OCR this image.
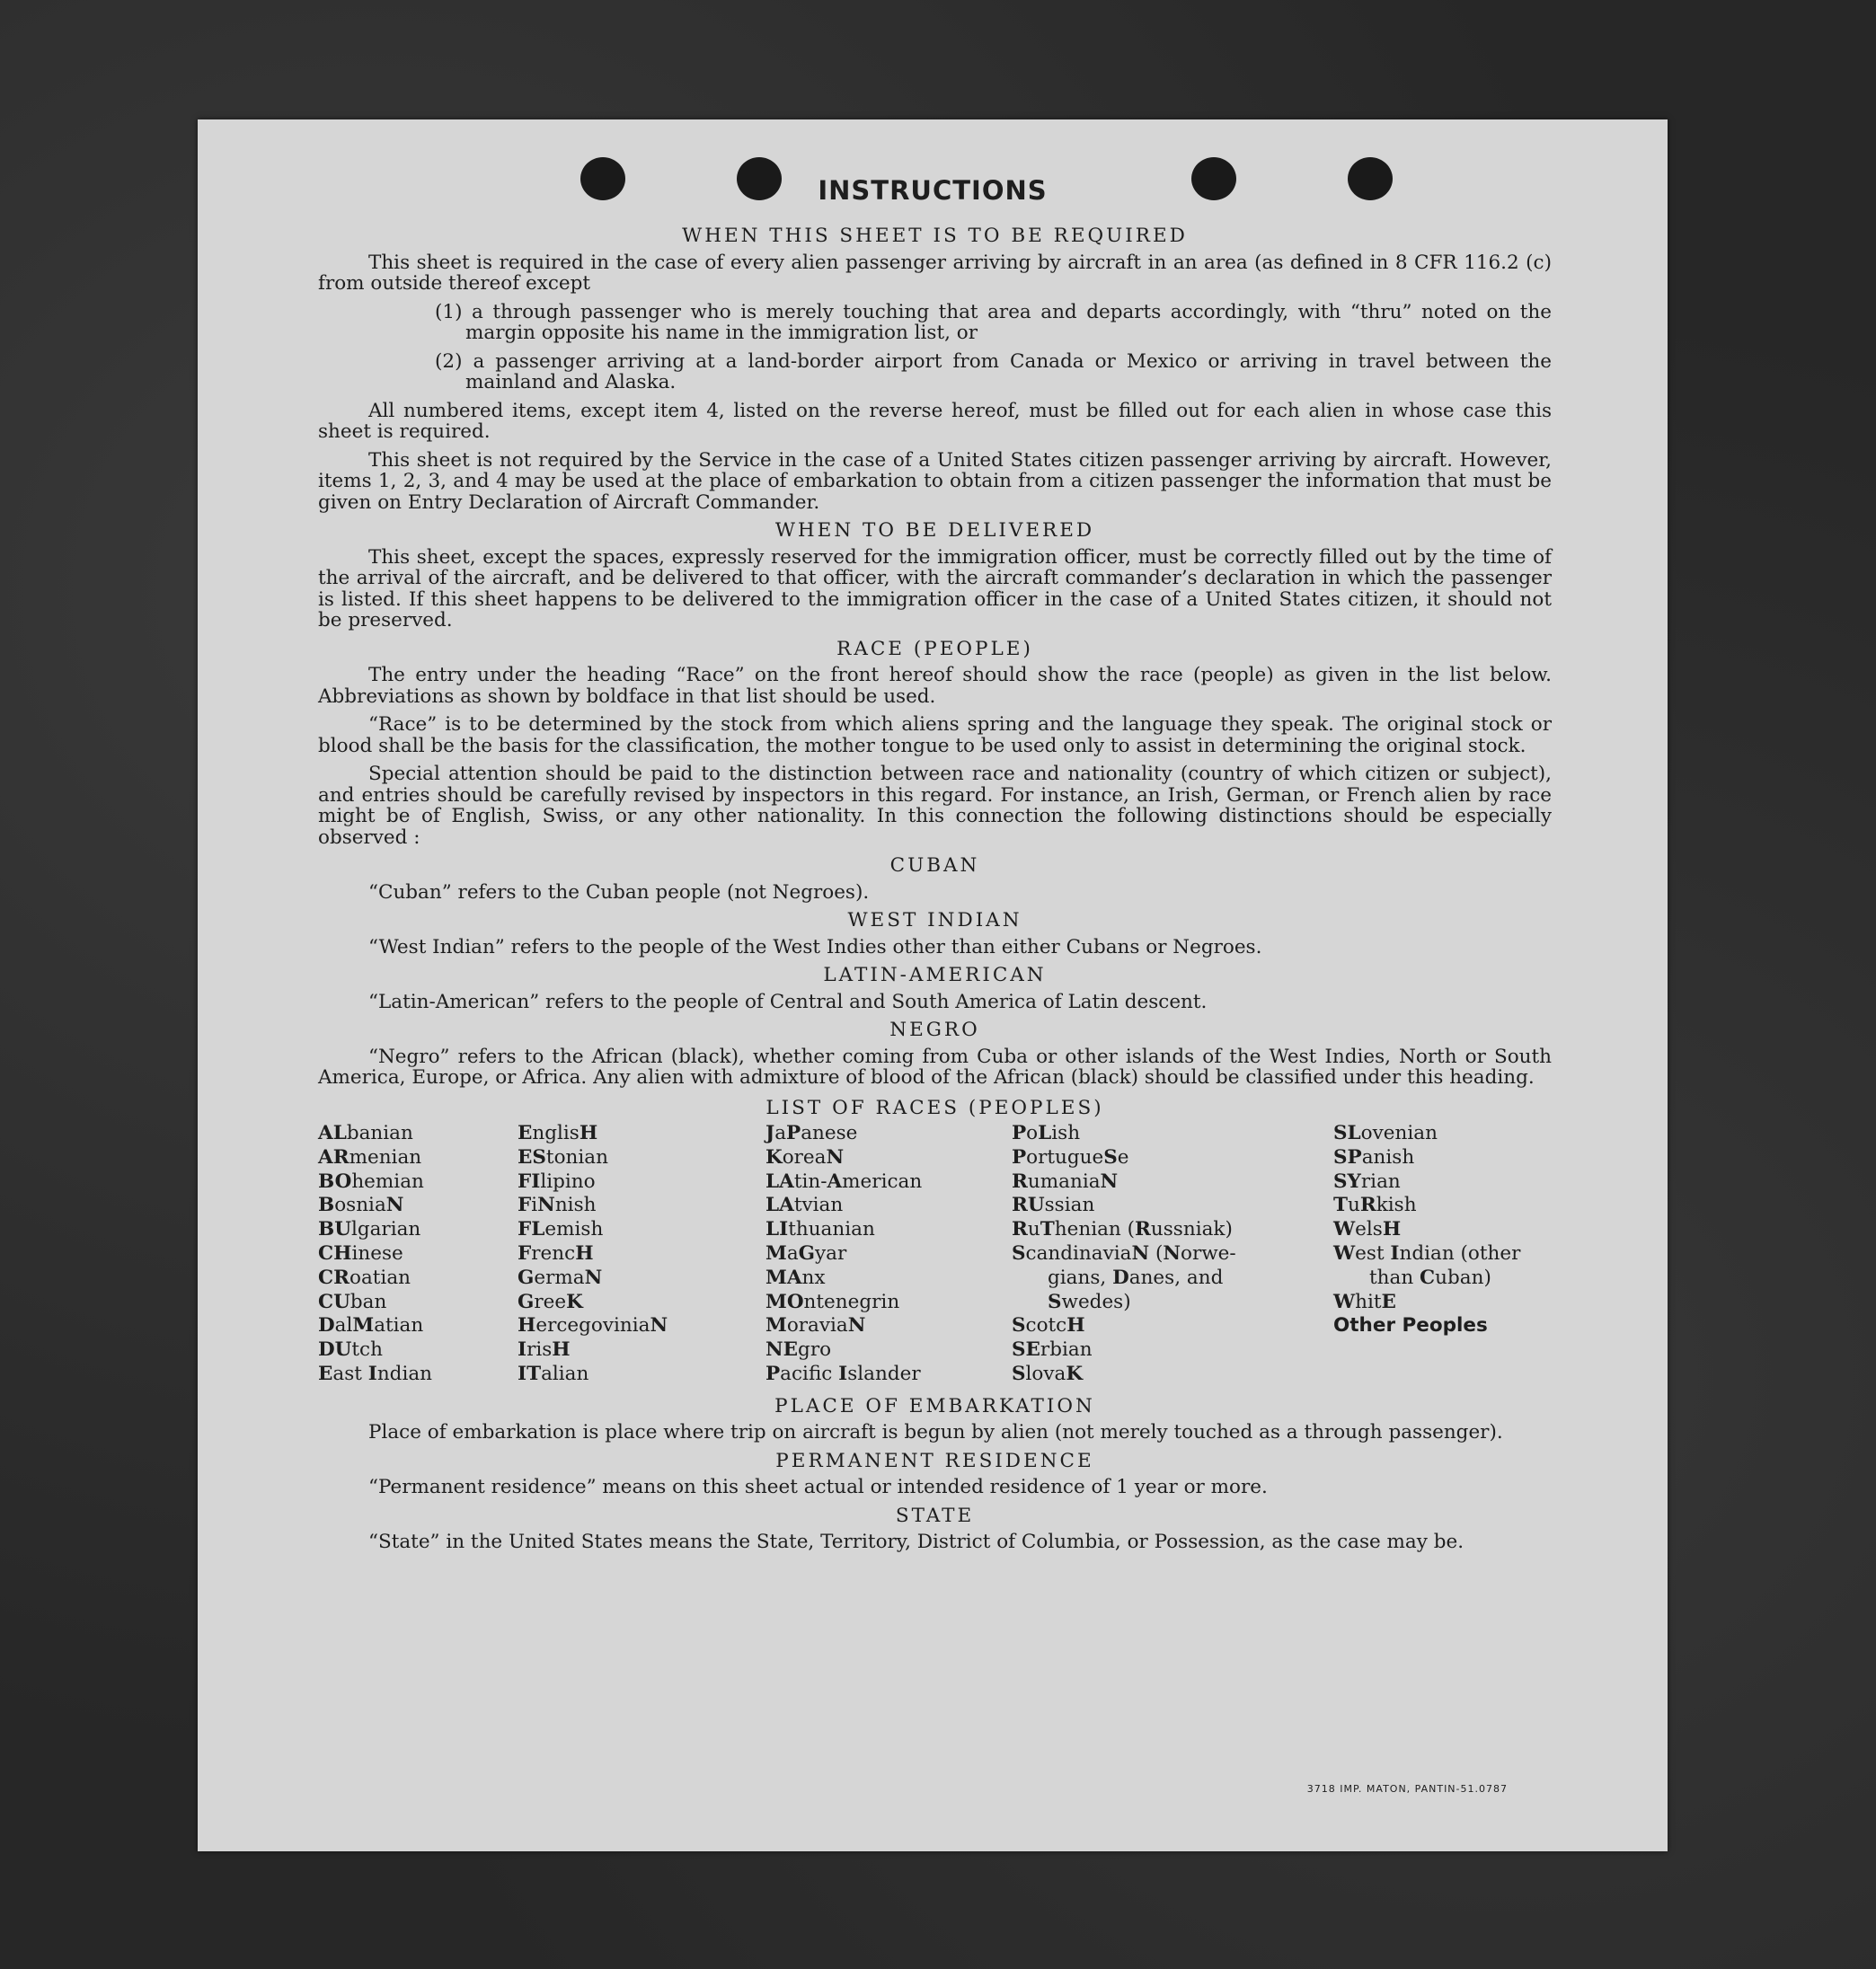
INSTRUCTIONS
WHEN THIS SHEET IS TO BE REQUIRED

This sheet is required in the case of every alien passenger arriving by aircraft in an area (as defined in 8 CFR 116.2 (c) from outside thereof except

(1) a through passenger who is merely touching that area and departs accordingly, with “thru” noted on the margin opposite his name in the immigration list, or

(2) a passenger arriving at a land-border airport from Canada or Mexico or arriving in travel between the mainland and Alaska.

All numbered items, except item 4, listed on the reverse hereof, must be filled out for each alien in whose case this sheet is required.

This sheet is not required by the Service in the case of a United States citizen passenger arriving by aircraft. However, items 1, 2, 3, and 4 may be used at the place of embarkation to obtain from a citizen passenger the information that must be given on Entry Declaration of Aircraft Commander.

WHEN TO BE DELIVERED

This sheet, except the spaces, expressly reserved for the immigration officer, must be correctly filled out by the time of the arrival of the aircraft, and be delivered to that officer, with the aircraft commander’s declaration in which the passenger is listed. If this sheet happens to be delivered to the immigration officer in the case of a United States citizen, it should not be preserved.

RACE (PEOPLE)

The entry under the heading “Race” on the front hereof should show the race (people) as given in the list below. Abbreviations as shown by boldface in that list should be used.

“Race” is to be determined by the stock from which aliens spring and the language they speak. The original stock or blood shall be the basis for the classification, the mother tongue to be used only to assist in determining the original stock.

Special attention should be paid to the distinction between race and nationality (country of which citizen or subject), and entries should be carefully revised by inspectors in this regard. For instance, an Irish, German, or French alien by race might be of English, Swiss, or any other nationality. In this connection the following distinctions should be especially observed :

CUBAN

“Cuban” refers to the Cuban people (not Negroes).

WEST INDIAN

“West Indian” refers to the people of the West Indies other than either Cubans or Negroes.

LATIN-AMERICAN

“Latin-American” refers to the people of Central and South America of Latin descent.

NEGRO

“Negro” refers to the African (black), whether coming from Cuba or other islands of the West Indies, North or South America, Europe, or Africa. Any alien with admixture of blood of the African (black) should be classified under this heading.

LIST OF RACES (PEOPLES)
ALbanian
ARmenian
BOhemian
BosniaN
BUlgarian
CHinese
CRoatian
CUban
DalMatian
DUtch
East Indian
EnglisH
EStonian
FIlipino
FiNnish
FLemish
FrencH
GermaN
GreeK
HercegoviniaN
IrisH
ITalian
JaPanese
KoreaN
LAtin-American
LAtvian
LIthuanian
MaGyar
MAnx
MOntenegrin
MoraviaN
NEgro
Pacifc Islander
PoLish
PortugueSe
RumaniaN
RUssian
RuThenian (Russniak)
ScandinaviaN (Norwe-
gians, Danes, and
Swedes)
ScotcH
SErbian
SlovaK
SLovenian
SPanish
SYrian
TuRkish
WelsH
West Indian (other
than Cuban)
WhitE
Other Peoples
PLACE OF EMBARKATION

Place of embarkation is place where trip on aircraft is begun by alien (not merely touched as a through passenger).

PERMANENT RESIDENCE

“Permanent residence” means on this sheet actual or intended residence of 1 year or more.

STATE

“State” in the United States means the State, Territory, District of Columbia, or Possession, as the case may be.

3718 IMP. MATON, PANTIN-51.0787
